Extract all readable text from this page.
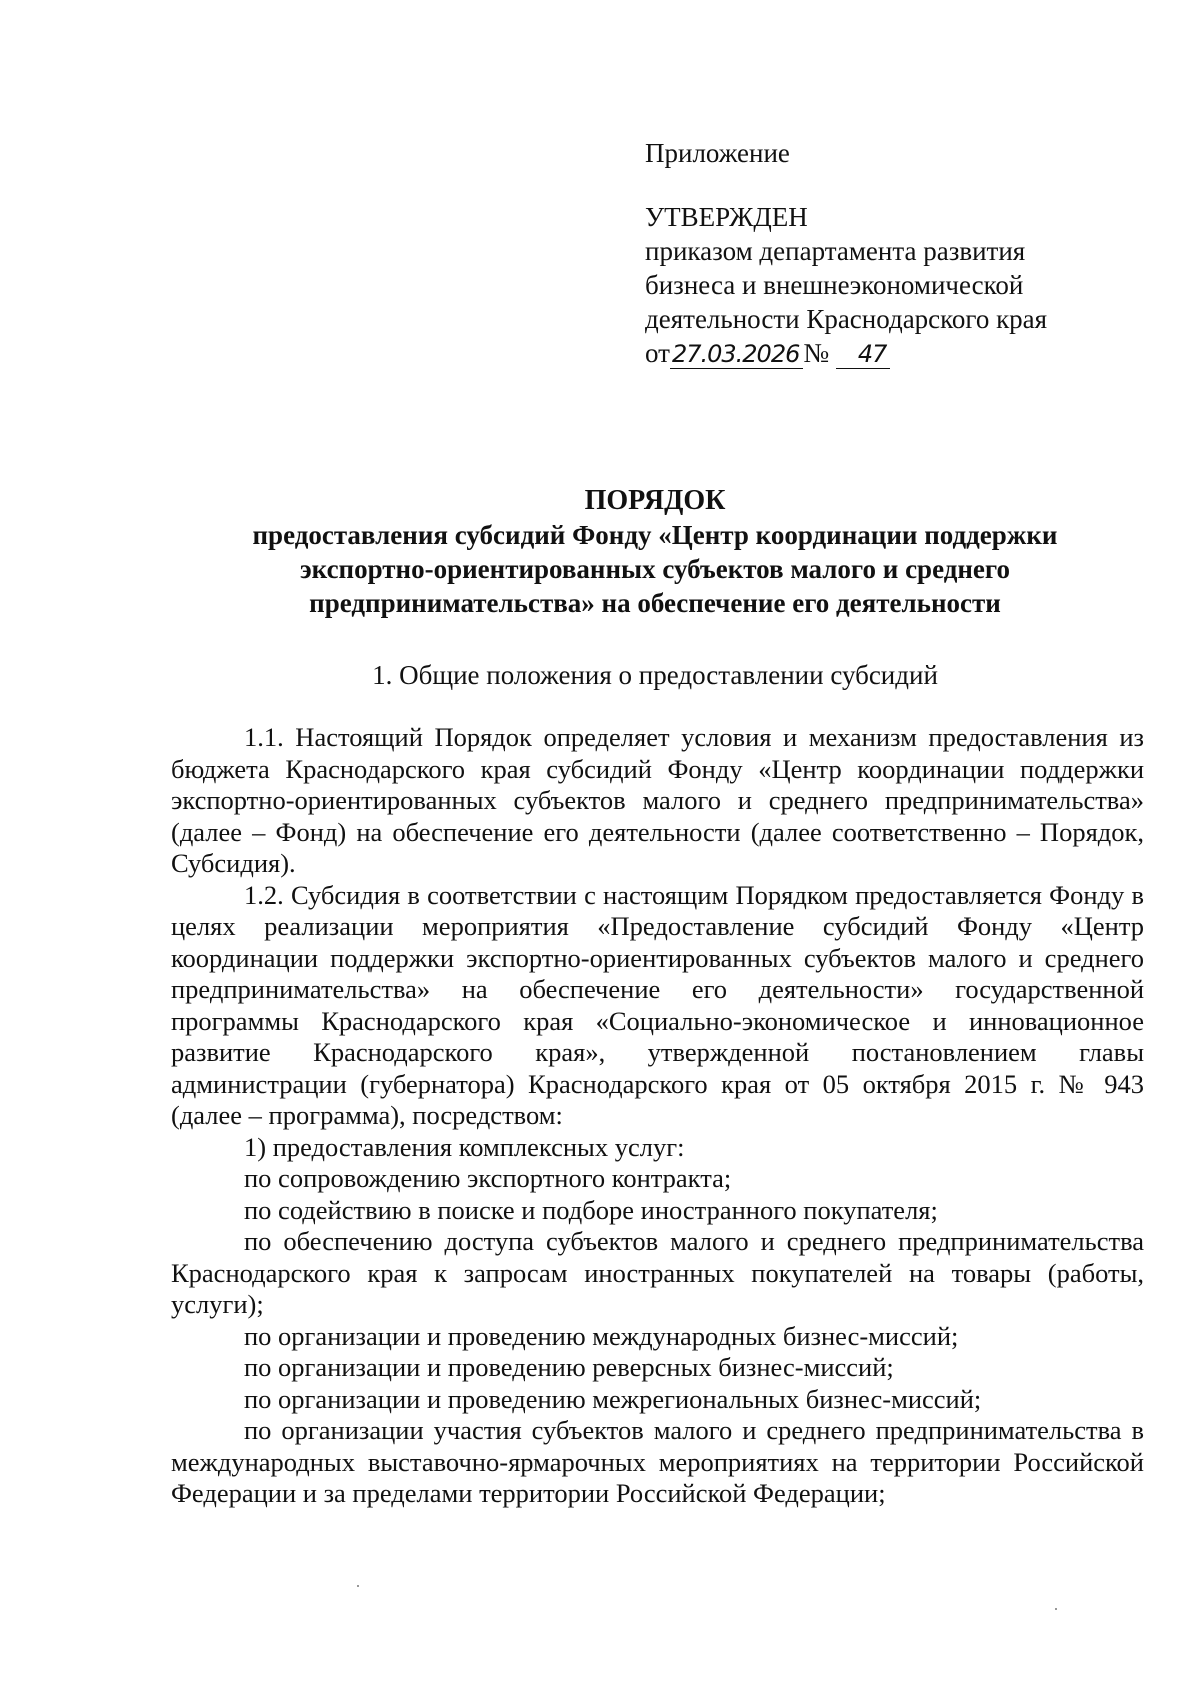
Приложение
УТВЕРЖДЕН
приказом департамента развития
бизнеса и внешнеэкономической
деятельности Краснодарского края
от27.03.2026 № 47
ПОРЯДОК
предоставления субсидий Фонду «Центр координации поддержки
экспортно-ориентированных субъектов малого и среднего
предпринимательства» на обеспечение его деятельности
1. Общие положения о предоставлении субсидий

1.1. Настоящий Порядок определяет условия и механизм предоставления из бюджета Краснодарского края субсидий Фонду «Центр координации поддержки экспортно-ориентированных субъектов малого и среднего предпринимательства» (далее – Фонд) на обеспечение его деятельности (далее соответственно – Порядок, Субсидия).

1.2. Субсидия в соответствии с настоящим Порядком предоставляется Фонду в целях реализации мероприятия «Предоставление субсидий Фонду «Центр координации поддержки экспортно-ориентированных субъектов малого и среднего предпринимательства» на обеспечение его деятельности» государственной программы Краснодарского края «Социально-экономическое и инновационное развитие Краснодарского края», утвержденной постановлением главы администрации (губернатора) Краснодарского края от 05 октября 2015 г. № 943 (далее – программа), посредством:

1) предоставления комплексных услуг:

по сопровождению экспортного контракта;

по содействию в поиске и подборе иностранного покупателя;

по обеспечению доступа субъектов малого и среднего предпринимательства Краснодарского края к запросам иностранных покупателей на товары (работы, услуги);

по организации и проведению международных бизнес-миссий;

по организации и проведению реверсных бизнес-миссий;

по организации и проведению межрегиональных бизнес-миссий;

по организации участия субъектов малого и среднего предпринимательства в международных выставочно-ярмарочных мероприятиях на территории Российской Федерации и за пределами территории Российской Федерации;
